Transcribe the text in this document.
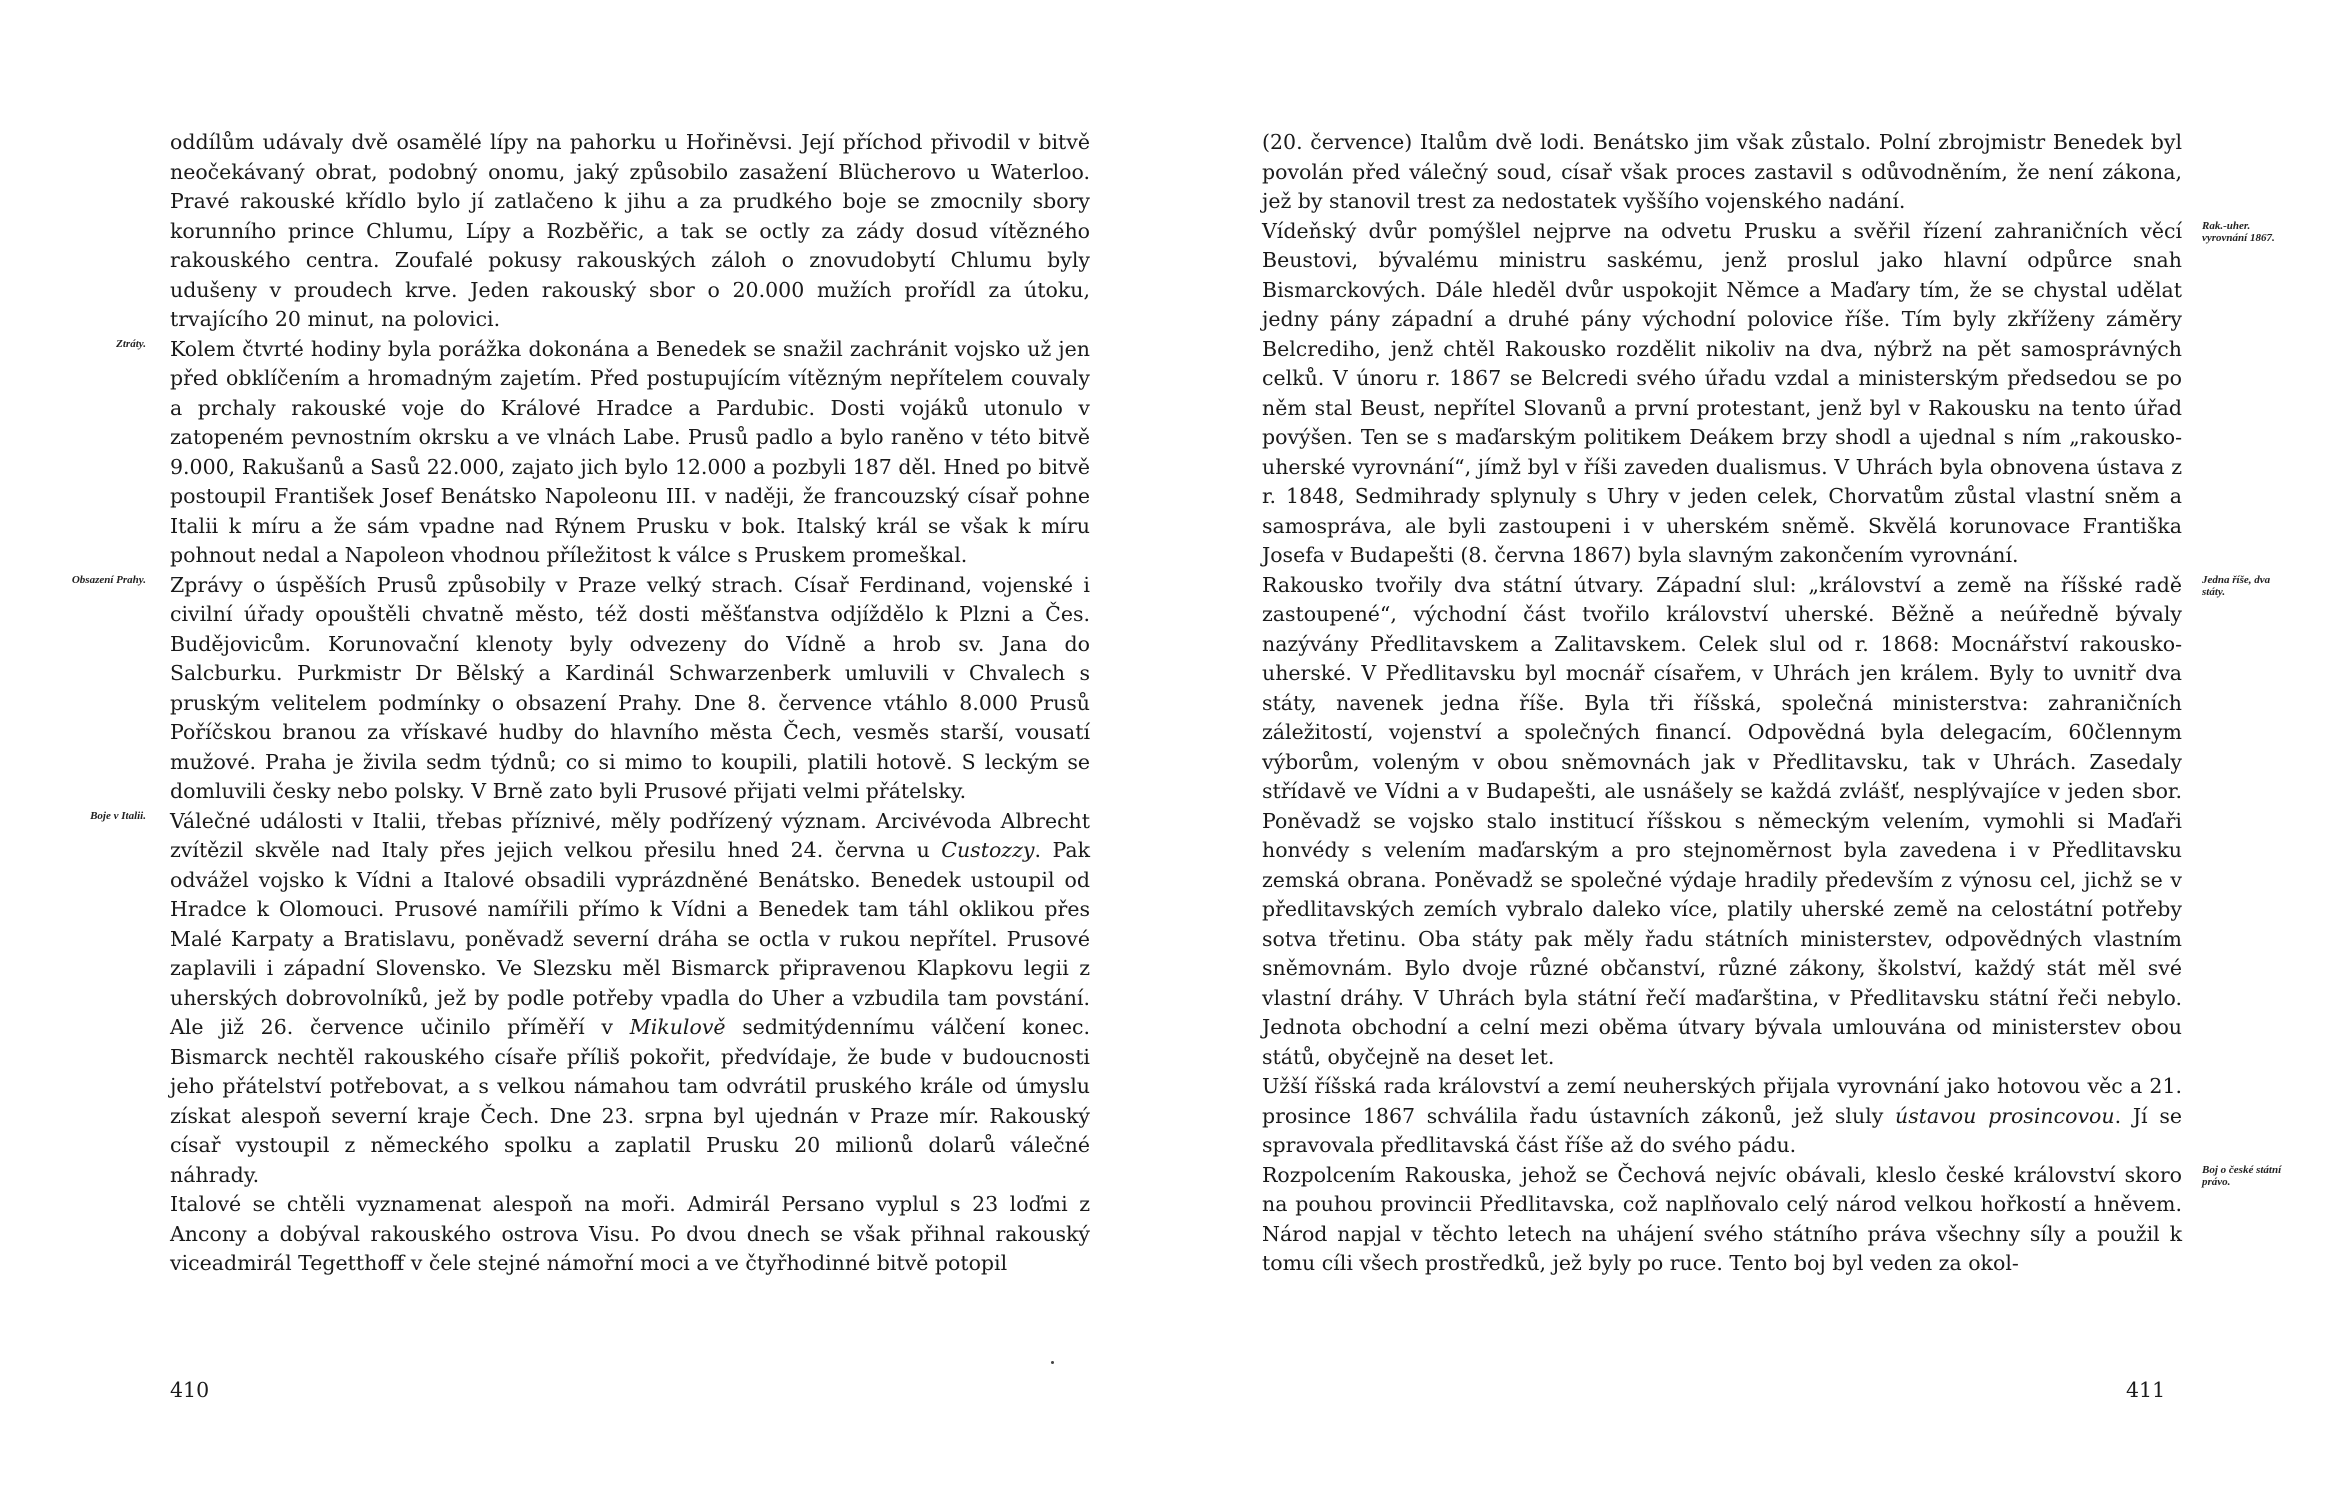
oddílům udávaly dvě osamělé lípy na pahorku u Hořiněvsi. Její příchod přivodil v bitvě neočekávaný obrat, podobný onomu, jaký způsobilo zasažení Blücherovo u Waterloo. Pravé rakouské křídlo bylo jí zatlačeno k jihu a za prudkého boje se zmocnily sbory korunního prince Chlumu, Lípy a Rozběřic, a tak se octly za zády dosud vítězného rakouského centra. Zoufalé pokusy rakouských záloh o znovudobytí Chlumu byly udušeny v proudech krve. Jeden rakouský sbor o 20.000 mužích prořídl za útoku, trvajícího 20 minut, na polovici.

Ztráty. Kolem čtvrté hodiny byla porážka dokonána a Benedek se snažil zachránit vojsko už jen před obklíčením a hromadným zajetím. Před postupujícím vítězným nepřítelem couvaly a prchaly rakouské voje do Králové Hradce a Pardubic. Dosti vojáků utonulo v zatopeném pevnostním okrsku a ve vlnách Labe. Prusů padlo a bylo raněno v této bitvě 9.000, Rakušanů a Sasů 22.000, zajato jich bylo 12.000 a pozbyli 187 děl. Hned po bitvě postoupil František Josef Benátsko Napoleonu III. v naději, že francouzský císař pohne Italii k míru a že sám vpadne nad Rýnem Prusku v bok. Italský král se však k míru pohnout nedal a Napoleon vhodnou příležitost k válce s Pruskem promeškal.

Obsazení Prahy. Zprávy o úspěších Prusů způsobily v Praze velký strach. Císař Ferdinand, vojenské i civilní úřady opouštěli chvatně město, též dosti měšťanstva odjíždělo k Plzni a Čes. Budějovicům. Korunovační klenoty byly odvezeny do Vídně a hrob sv. Jana do Salcburku. Purkmistr Dr Bělský a Kardinál Schwarzenberk umluvili v Chvalech s pruským velitelem podmínky o obsazení Prahy. Dne 8. července vtáhlo 8.000 Prusů Poříčskou branou za vřískavé hudby do hlavního města Čech, vesměs starší, vousatí mužové. Praha je živila sedm týdnů; co si mimo to koupili, platili hotově. S leckým se domluvili česky nebo polsky. V Brně zato byli Prusové přijati velmi přátelsky.

Boje v Italii. Válečné události v Italii, třebas příznivé, měly podřízený význam. Arcivévoda Albrecht zvítězil skvěle nad Italy přes jejich velkou přesilu hned 24. června u Custozzy. Pak odvážel vojsko k Vídni a Italové obsadili vyprázdněné Benátsko. Benedek ustoupil od Hradce k Olomouci. Prusové namířili přímo k Vídni a Benedek tam táhl oklikou přes Malé Karpaty a Bratislavu, poněvadž severní dráha se octla v rukou nepřítel. Prusové zaplavili i západní Slovensko. Ve Slezsku měl Bismarck připravenou Klapkovu legii z uherských dobrovolníků, jež by podle potřeby vpadla do Uher a vzbudila tam povstání. Ale již 26. července učinilo příměří v Mikulově sedmitýdennímu válčení konec. Bismarck nechtěl rakouského císaře příliš pokořit, předvídaje, že bude v budoucnosti jeho přátelství potřebovat, a s velkou námahou tam odvrátil pruského krále od úmyslu získat alespoň severní kraje Čech. Dne 23. srpna byl ujednán v Praze mír. Rakouský císař vystoupil z německého spolku a zaplatil Prusku 20 milionů dolarů válečné náhrady.

Italové se chtěli vyznamenat alespoň na moři. Admirál Persano vyplul s 23 loďmi z Ancony a dobýval rakouského ostrova Visu. Po dvou dnech se však přihnal rakouský viceadmirál Tegetthoff v čele stejné námořní moci a ve čtyřhodinné bitvě potopil

(20. července) Italům dvě lodi. Benátsko jim však zůstalo. Polní zbrojmistr Benedek byl povolán před válečný soud, císař však proces zastavil s odůvodněním, že není zákona, jež by stanovil trest za nedostatek vyššího vojenského nadání.

Rak.-uher. vyrovnání 1867.
Vídeňský dvůr pomýšlel nejprve na odvetu Prusku a svěřil řízení zahraničních věcí Beustovi, bývalému ministru saskému, jenž proslul jako hlavní odpůrce snah Bismarckových. Dále hleděl dvůr uspokojit Němce a Maďary tím, že se chystal udělat jedny pány západní a druhé pány východní polovice říše. Tím byly zkříženy záměry Belcrediho, jenž chtěl Rakousko rozdělit nikoliv na dva, nýbrž na pět samosprávných celků. V únoru r. 1867 se Belcredi svého úřadu vzdal a ministerským předsedou se po něm stal Beust, nepřítel Slovanů a první protestant, jenž byl v Rakousku na tento úřad povýšen. Ten se s maďarským politikem Deákem brzy shodl a ujednal s ním „rakousko-uherské vyrovnání“, jímž byl v říši zaveden dualismus. V Uhrách byla obnovena ústava z r. 1848, Sedmihrady splynuly s Uhry v jeden celek, Chorvatům zůstal vlastní sněm a samospráva, ale byli zastoupeni i v uherském sněmě. Skvělá korunovace Františka Josefa v Budapešti (8. června 1867) byla slavným zakončením vyrovnání.

Jedna říše, dva státy.
Rakousko tvořily dva státní útvary. Západní slul: „království a země na říšské radě zastoupené“, východní část tvořilo království uherské. Běžně a neúředně bývaly nazývány Předlitavskem a Zalitavskem. Celek slul od r. 1868: Mocnářství rakousko-uherské. V Předlitavsku byl mocnář císařem, v Uhrách jen králem. Byly to uvnitř dva státy, navenek jedna říše. Byla tři říšská, společná ministerstva: zahraničních záležitostí, vojenství a společných financí. Odpovědná byla delegacím, 60člennym výborům, voleným v obou sněmovnách jak v Předlitavsku, tak v Uhrách. Zasedaly střídavě ve Vídni a v Budapešti, ale usnášely se každá zvlášť, nesplývajíce v jeden sbor. Poněvadž se vojsko stalo institucí říšskou s německým velením, vymohli si Maďaři honvédy s velením maďarským a pro stejnoměrnost byla zavedena i v Předlitavsku zemská obrana. Poněvadž se společné výdaje hradily především z výnosu cel, jichž se v předlitavských zemích vybralo daleko více, platily uherské země na celostátní potřeby sotva třetinu. Oba státy pak měly řadu státních ministerstev, odpovědných vlastním sněmovnám. Bylo dvoje různé občanství, různé zákony, školství, každý stát měl své vlastní dráhy. V Uhrách byla státní řečí maďarština, v Předlitavsku státní řeči nebylo. Jednota obchodní a celní mezi oběma útvary bývala umlouvána od ministerstev obou států, obyčejně na deset let.

Užší říšská rada království a zemí neuherských přijala vyrovnání jako hotovou věc a 21. prosince 1867 schválila řadu ústavních zákonů, jež sluly ústavou prosincovou. Jí se spravovala předlitavská část říše až do svého pádu.

Boj o české státní právo.
Rozpolcením Rakouska, jehož se Čechová nejvíc obávali, kleslo české království skoro na pouhou provincii Předlitavska, což naplňovalo celý národ velkou hořkostí a hněvem. Národ napjal v těchto letech na uhájení svého státního práva všechny síly a použil k tomu cíli všech prostředků, jež byly po ruce. Tento boj byl veden za okol-

410	411
